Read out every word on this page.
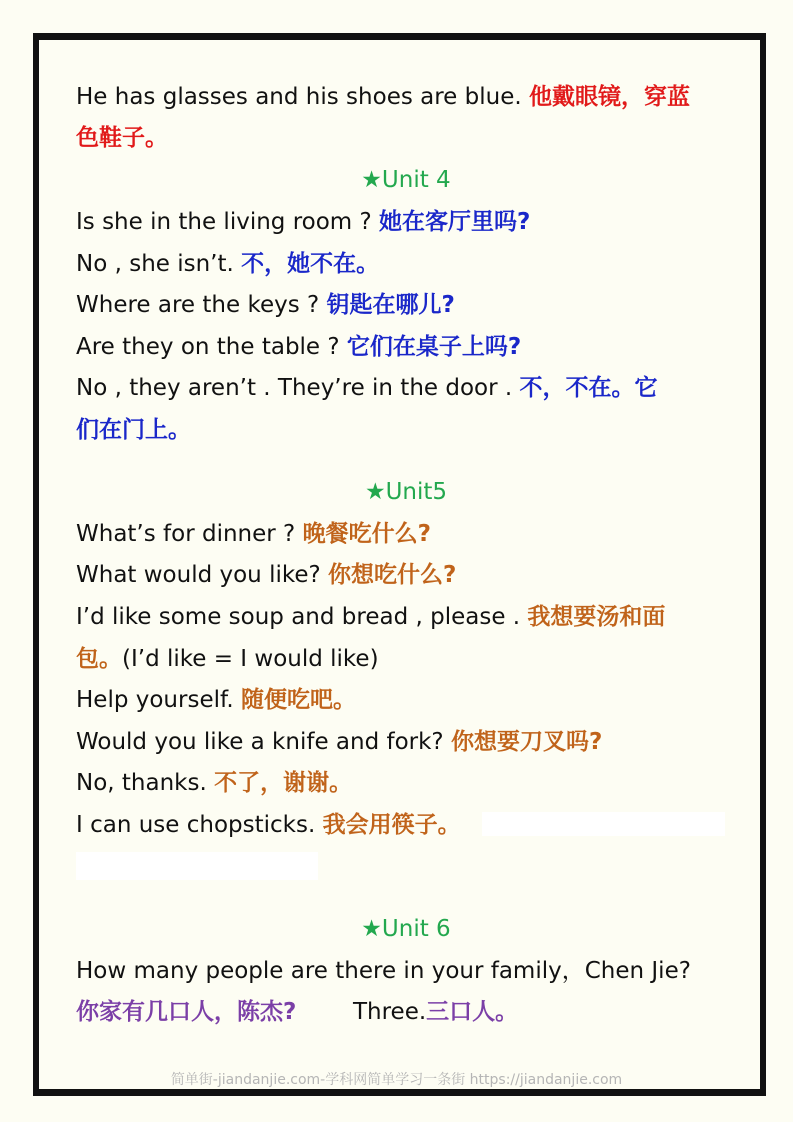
He has glasses and his shoes are blue. 他戴眼镜，穿蓝
色鞋子。
★Unit 4
Is she in the living room ? 她在客厅里吗?
No , she isn’t. 不，她不在。
Where are the keys ? 钥匙在哪儿?
Are they on the table ? 它们在桌子上吗?
No , they aren’t . They’re in the door . 不，不在。它
们在门上。
★Unit5
What’s for dinner ? 晚餐吃什么?
What would you like? 你想吃什么?
I’d like some soup and bread , please . 我想要汤和面
包。(I’d like = I would like)
Help yourself. 随便吃吧。
Would you like a knife and fork? 你想要刀叉吗?
No, thanks. 不了，谢谢。
I can use chopsticks. 我会用筷子。
★Unit 6
How many people are there in your family，Chen Jie?
你家有几口人，陈杰? Three.三口人。
简单街-jiandanjie.com-学科网简单学习一条街 https://jiandanjie.com
